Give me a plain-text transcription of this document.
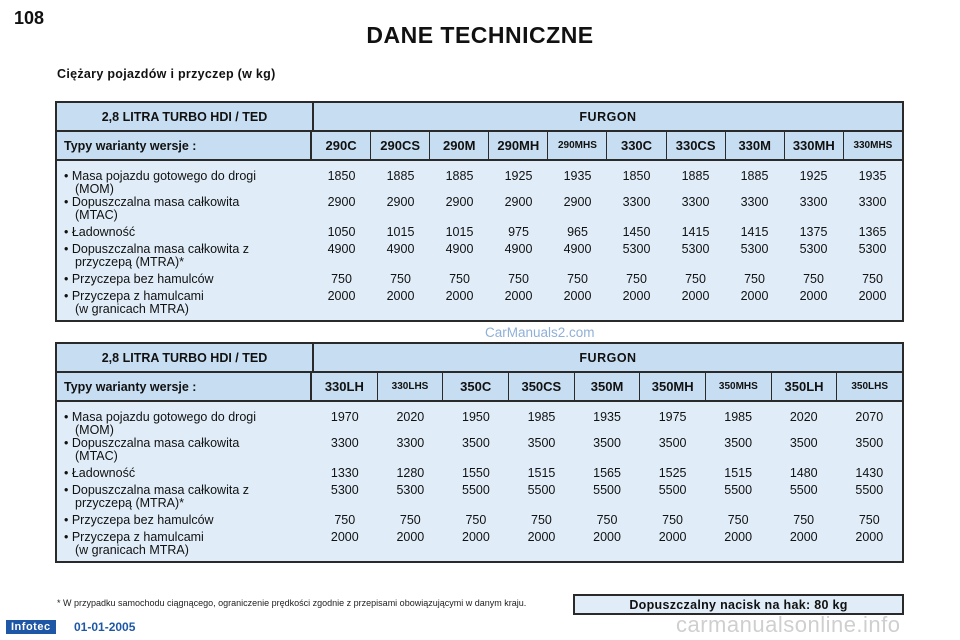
108
DANE TECHNICZNE
Ciężary pojazdów i przyczep (w kg)
2,8 LITRA TURBO HDI / TED	FURGON
Typy warianty wersje :	290C	290CS	290M	290MH	290MHS	330C	330CS	330M	330MH	330MHS
• Masa pojazdu gotowego do drogi
(MOM)
1850	1885	1885	1925	1935	1850	1885	1885	1925	1935
• Dopuszczalna masa całkowita
(MTAC)
2900	2900	2900	2900	2900	3300	3300	3300	3300	3300
• Ładowność	1050	1015	1015	975	965	1450	1415	1415	1375	1365
• Dopuszczalna masa całkowita z
przyczepą (MTRA)*
4900	4900	4900	4900	4900	5300	5300	5300	5300	5300
• Przyczepa bez hamulców	750	750	750	750	750	750	750	750	750	750
• Przyczepa z hamulcami
(w granicach MTRA)
2000	2000	2000	2000	2000	2000	2000	2000	2000	2000
2,8 LITRA TURBO HDI / TED	FURGON
Typy warianty wersje :	330LH	330LHS	350C	350CS	350M	350MH	350MHS	350LH	350LHS
• Masa pojazdu gotowego do drogi
(MOM)
1970	2020	1950	1985	1935	1975	1985	2020	2070
• Dopuszczalna masa całkowita
(MTAC)
3300	3300	3500	3500	3500	3500	3500	3500	3500
• Ładowność	1330	1280	1550	1515	1565	1525	1515	1480	1430
• Dopuszczalna masa całkowita z
przyczepą (MTRA)*
5300	5300	5500	5500	5500	5500	5500	5500	5500
• Przyczepa bez hamulców	750	750	750	750	750	750	750	750	750
• Przyczepa z hamulcami
(w granicach MTRA)
2000	2000	2000	2000	2000	2000	2000	2000	2000
CarManuals2.com
* W przypadku samochodu ciągnącego, ograniczenie prędkości zgodnie z przepisami obowiązującymi w danym kraju.	Dopuszczalny nacisk na hak: 80 kg
Infotec	01-01-2005	carmanualsonline.info
